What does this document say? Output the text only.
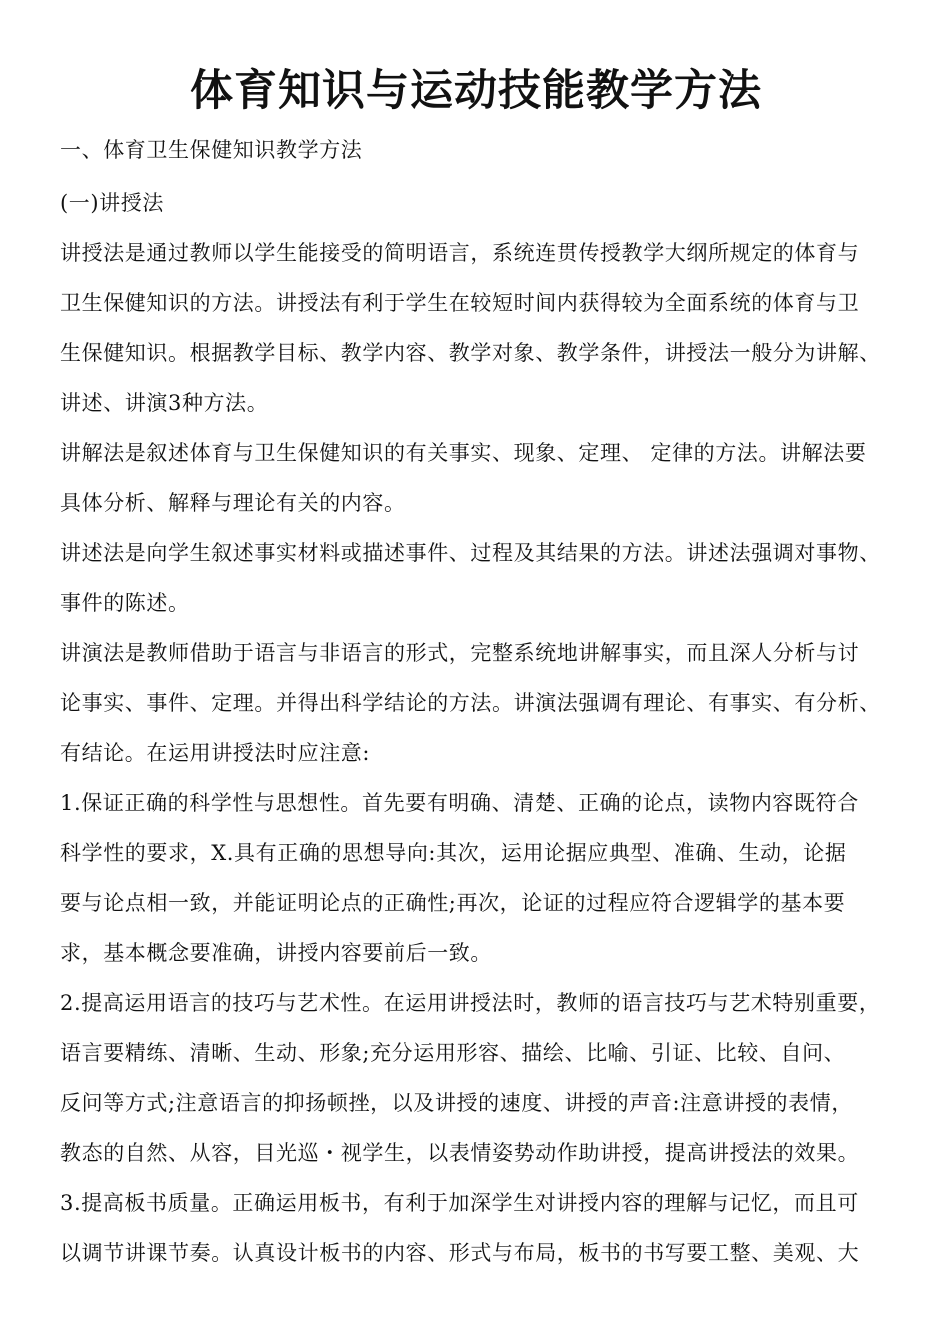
体育知识与运动技能教学方法

一、体育卫生保健知识教学方法

(一)讲授法

讲授法是通过教师以学生能接受的简明语言，系统连贯传授教学大纲所规定的体育与

卫生保健知识的方法。讲授法有利于学生在较短时间内获得较为全面系统的体育与卫

生保健知识。根据教学目标、教学内容、教学对象、教学条件，讲授法一般分为讲解、

讲述、讲演3种方法。

讲解法是叙述体育与卫生保健知识的有关事实、现象、定理、 定律的方法。讲解法要

具体分析、解释与理论有关的内容。

讲述法是向学生叙述事实材料或描述事件、过程及其结果的方法。讲述法强调对事物、

事件的陈述。

讲演法是教师借助于语言与非语言的形式，完整系统地讲解事实，而且深人分析与讨

论事实、事件、定理。并得出科学结论的方法。讲演法强调有理论、有事实、有分析、

有结论。在运用讲授法时应注意:

1.保证正确的科学性与思想性。首先要有明确、清楚、正确的论点，读物内容既符合

科学性的要求，X.具有正确的思想导向:其次，运用论据应典型、准确、生动，论据

要与论点相一致，并能证明论点的正确性;再次，论证的过程应符合逻辑学的基本要

求，基本概念要准确，讲授内容要前后一致。

2.提高运用语言的技巧与艺术性。在运用讲授法时，教师的语言技巧与艺术特别重要，

语言要精练、清晰、生动、形象;充分运用形容、描绘、比喻、引证、比较、自问、

反问等方式;注意语言的抑扬顿挫，以及讲授的速度、讲授的声音:注意讲授的表情，

教态的自然、从容，目光巡・视学生，以表情姿势动作助讲授，提高讲授法的效果。

3.提高板书质量。正确运用板书，有利于加深学生对讲授内容的理解与记忆，而且可

以调节讲课节奏。认真设计板书的内容、形式与布局，板书的书写要工整、美观、大
